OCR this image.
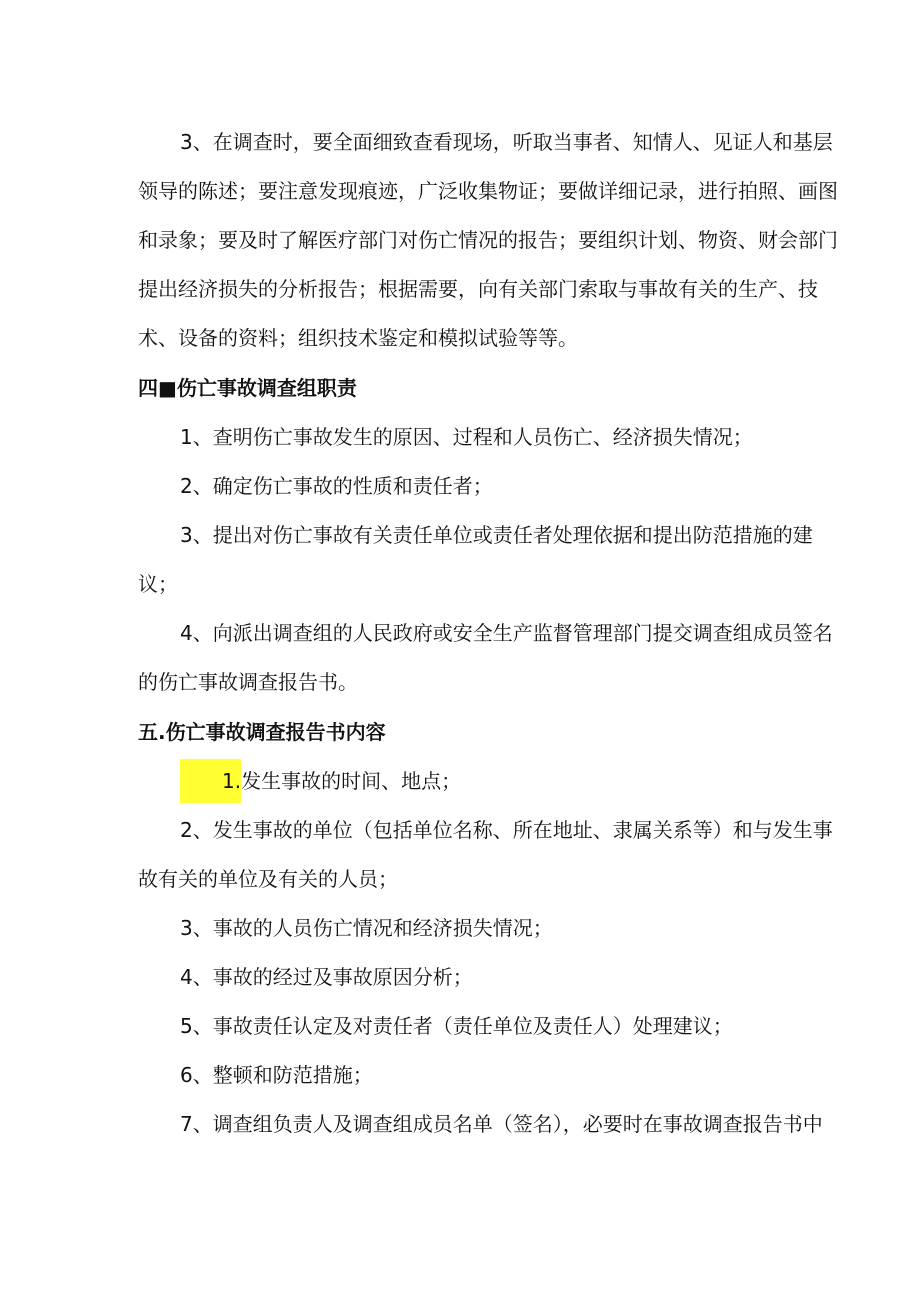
3、在调查时，要全面细致查看现场，听取当事者、知情人、见证人和基层领导的陈述；要注意发现痕迹，广泛收集物证；要做详细记录，进行拍照、画图和录象；要及时了解医疗部门对伤亡情况的报告；要组织计划、物资、财会部门提出经济损失的分析报告；根据需要，向有关部门索取与事故有关的生产、技术、设备的资料；组织技术鉴定和模拟试验等等。
四■伤亡事故调查组职责
1、查明伤亡事故发生的原因、过程和人员伤亡、经济损失情况；
2、确定伤亡事故的性质和责任者；
3、提出对伤亡事故有关责任单位或责任者处理依据和提出防范措施的建议；
4、向派出调查组的人民政府或安全生产监督管理部门提交调查组成员签名的伤亡事故调查报告书。
五.伤亡事故调查报告书内容
1.发生事故的时间、地点；
2、发生事故的单位（包括单位名称、所在地址、隶属关系等）和与发生事故有关的单位及有关的人员；
3、事故的人员伤亡情况和经济损失情况；
4、事故的经过及事故原因分析；
5、事故责任认定及对责任者（责任单位及责任人）处理建议；
6、整顿和防范措施；
7、调查组负责人及调查组成员名单（签名），必要时在事故调查报告书中
